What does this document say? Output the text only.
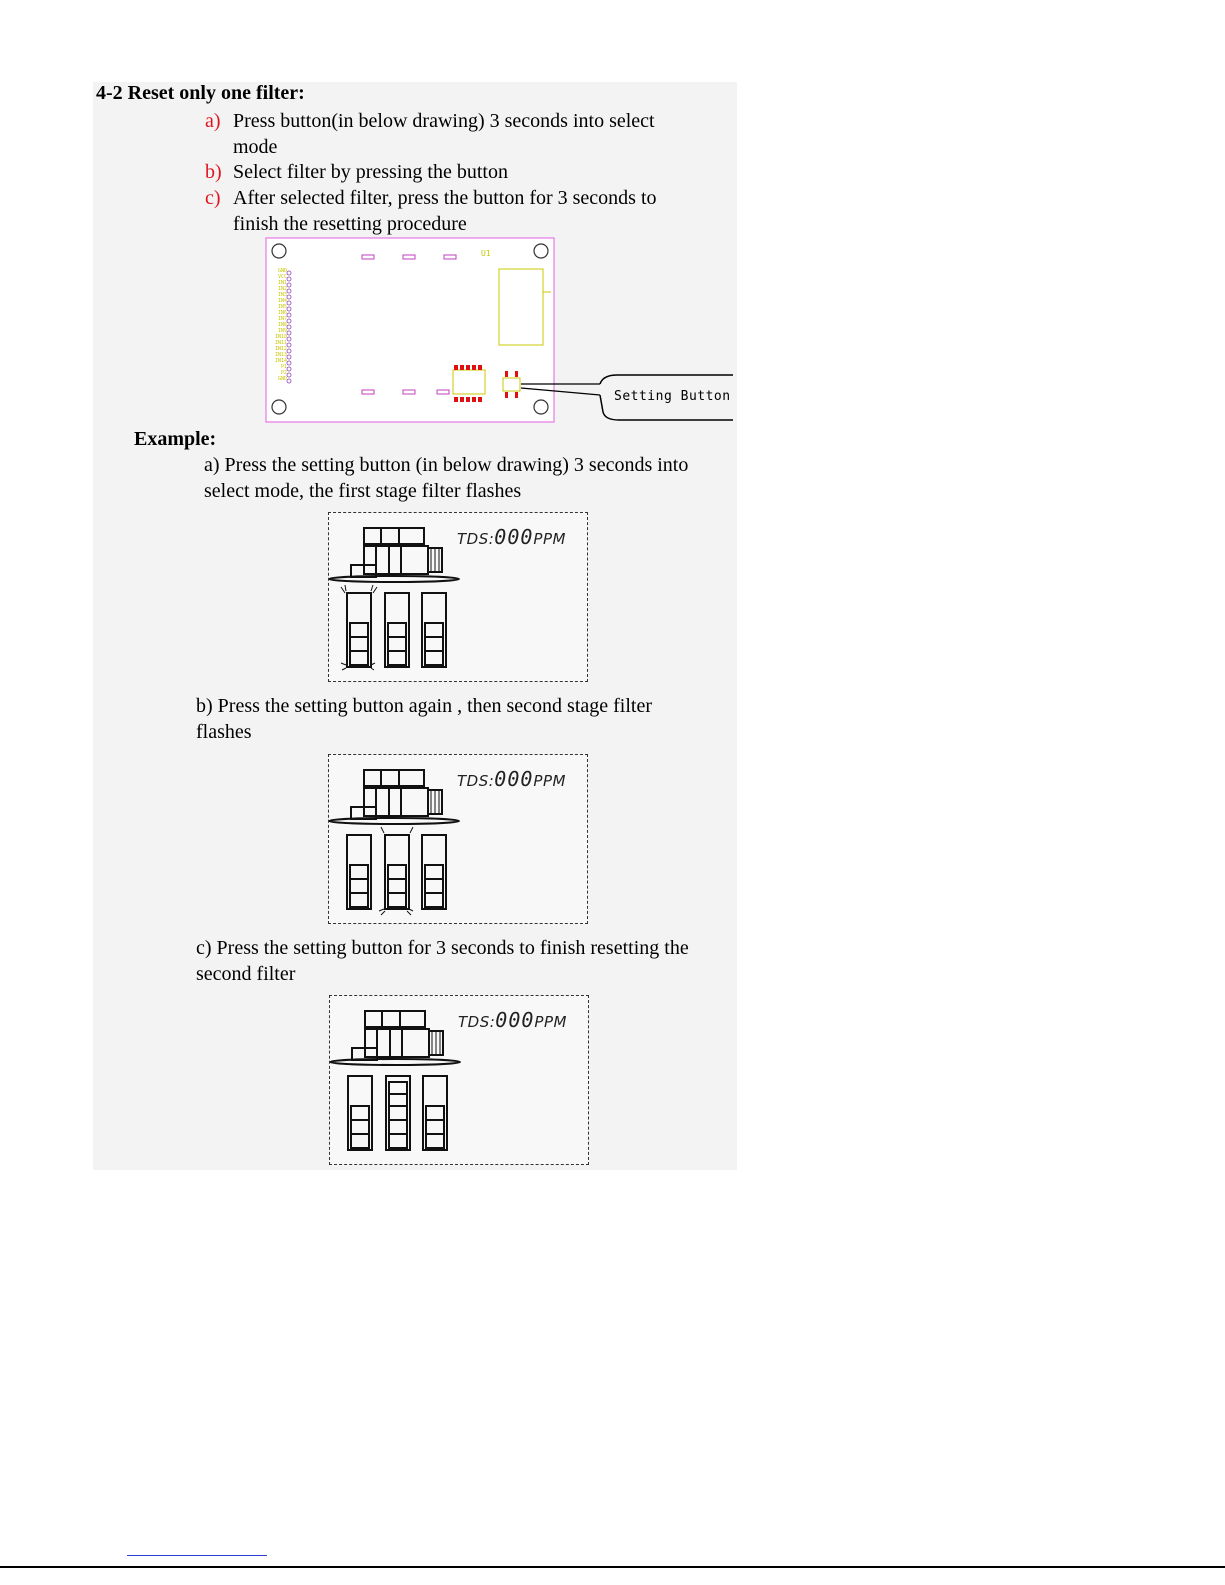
4-2 Reset only one filter:
a) Press button(in below drawing) 3 seconds into select
mode
b) Select filter by pressing the button
c) After selected filter, press the button for 3 seconds to
finish the resetting procedure
GND
VCC
IN1
IN2
IN3
IN4
IN5
IN6
IN7
IN8
IN9
IN10
IN11
IN12
IN13
IN14
P1
P2
GND
U1
Setting Button
Example:
a) Press the setting button (in below drawing) 3 seconds into
select mode, the first stage filter flashes
TDS:000PPM
b) Press the setting button again , then second stage filter
flashes
TDS:000PPM
c) Press the setting button for 3 seconds to finish resetting the
second filter
TDS:000PPM
